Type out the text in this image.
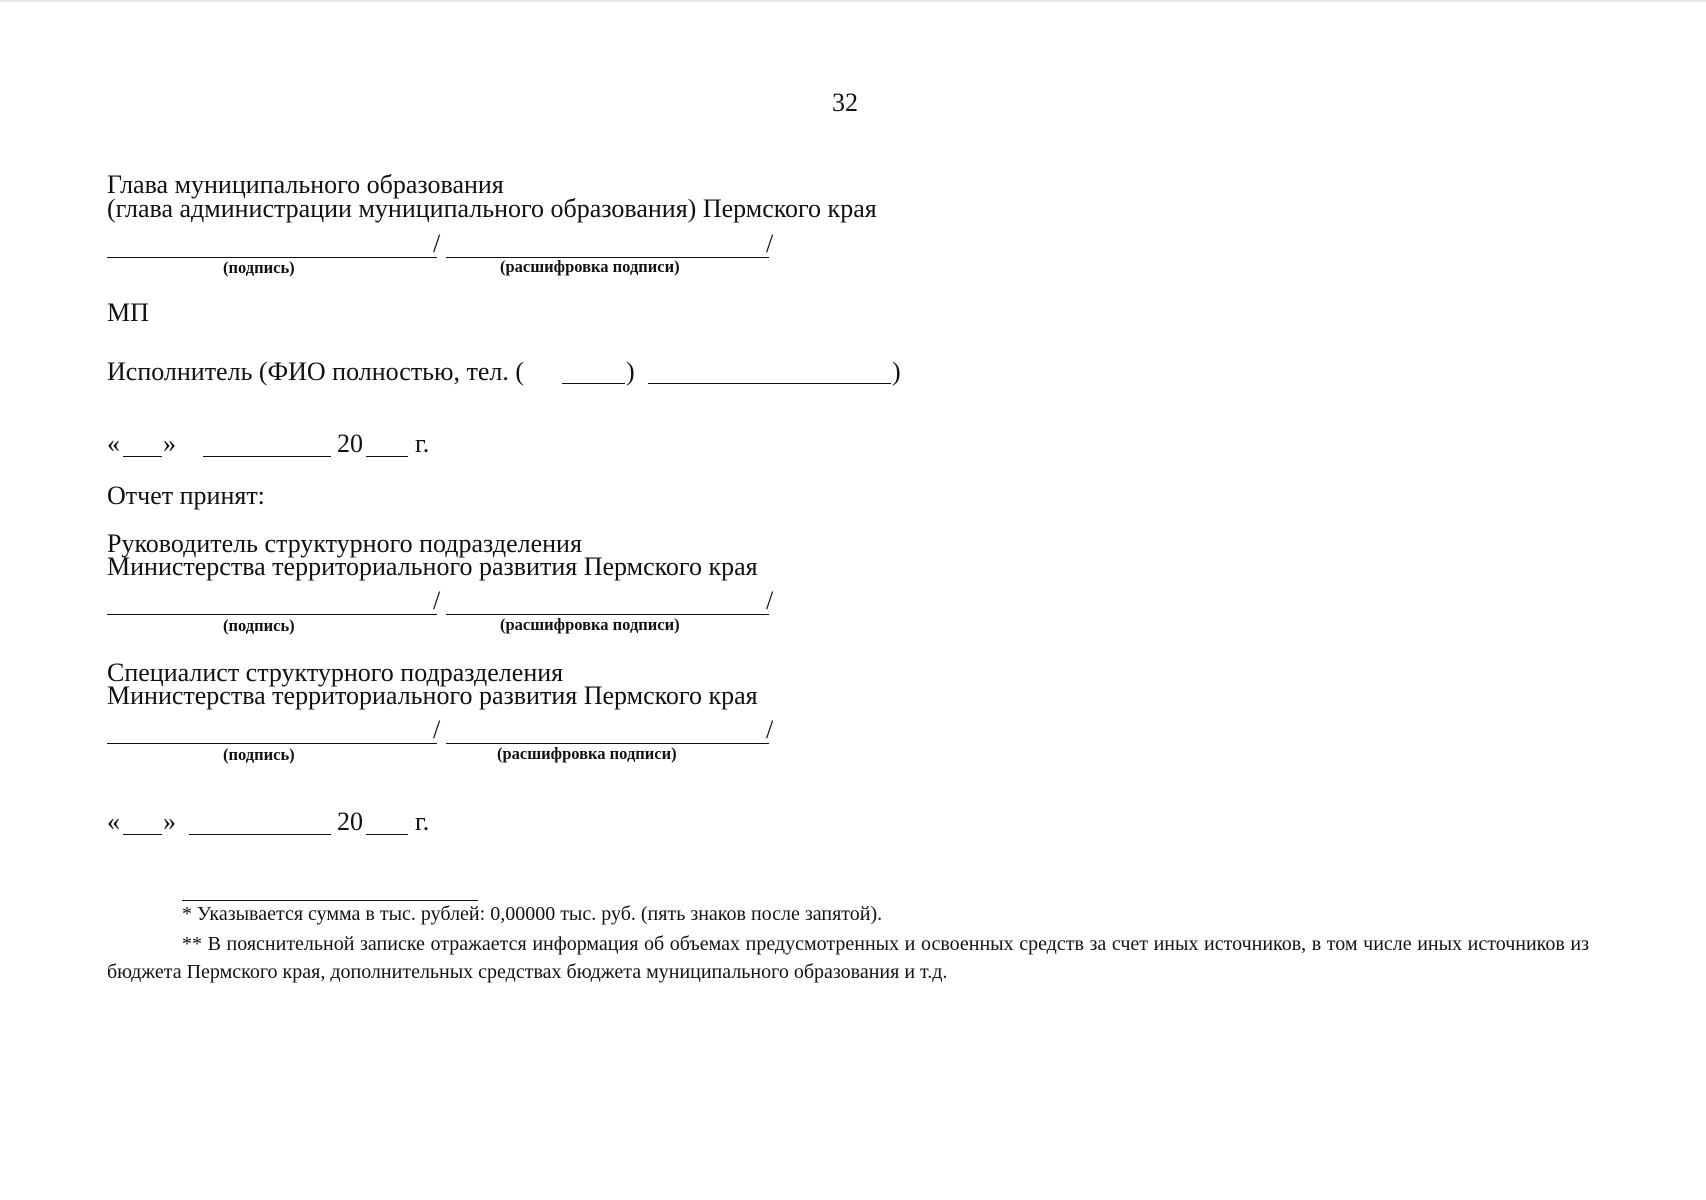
32
Глава муниципального образования
(глава администрации муниципального образования) Пермского края
/	/
(подпись)	(расшифровка подписи)
МП
Исполнитель (ФИО полностью, тел. (	)	)
« »	20 г.
Отчет принят:
Руководитель структурного подразделения
Министерства территориального развития Пермского края
/	/
(подпись)	(расшифровка подписи)
Специалист структурного подразделения
Министерства территориального развития Пермского края
/	/
(подпись)	(расшифровка подписи)
« »	20 г.
* Указывается сумма в тыс. рублей: 0,00000 тыс. руб. (пять знаков после запятой).
** В пояснительной записке отражается информация об объемах предусмотренных и освоенных средств за счет иных источников, в том числе иных источников из бюджета Пермского края, дополнительных средствах бюджета муниципального образования и т.д.
